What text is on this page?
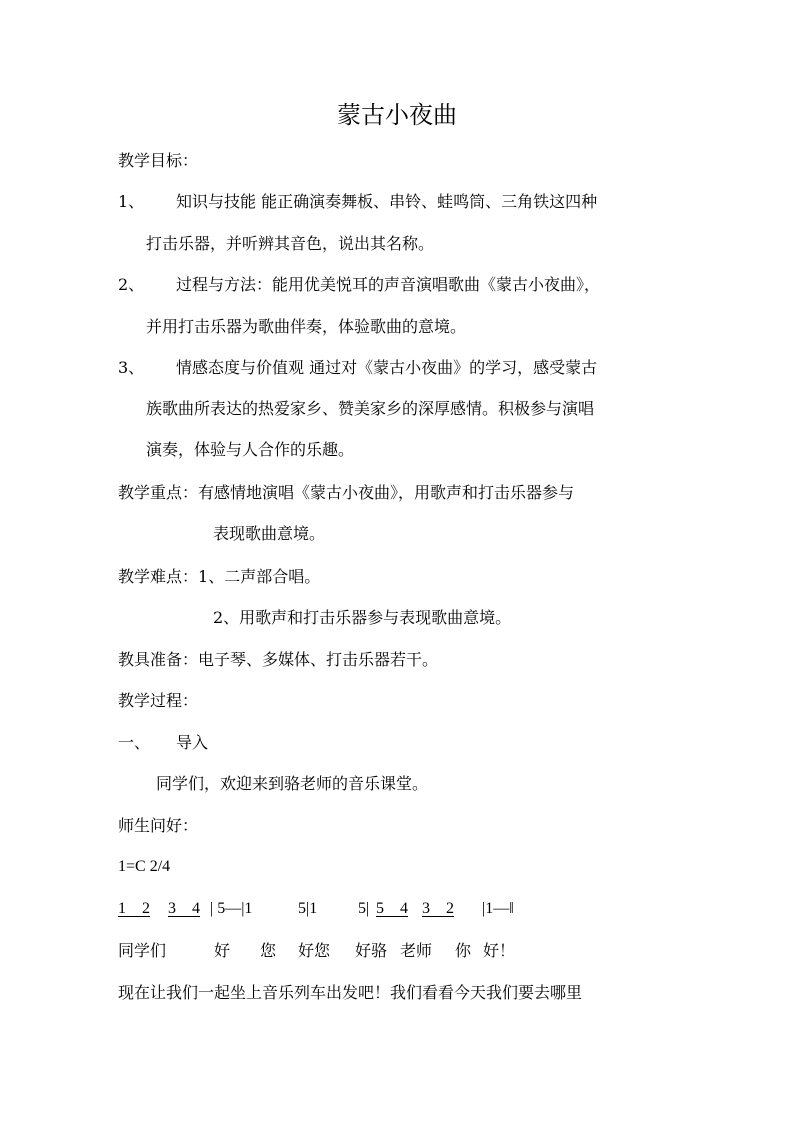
蒙古小夜曲
教学目标：
1、 知识与技能 能正确演奏舞板、串铃、蛙鸣筒、三角铁这四种
打击乐器，并听辨其音色，说出其名称。
2、 过程与方法：能用优美悦耳的声音演唱歌曲《蒙古小夜曲》，
并用打击乐器为歌曲伴奏，体验歌曲的意境。
3、 情感态度与价值观 通过对《蒙古小夜曲》的学习，感受蒙古
族歌曲所表达的热爱家乡、赞美家乡的深厚感情。积极参与演唱
演奏，体验与人合作的乐趣。
教学重点：有感情地演唱《蒙古小夜曲》，用歌声和打击乐器参与
表现歌曲意境。
教学难点：1、二声部合唱。
2、用歌声和打击乐器参与表现歌曲意境。
教具准备：电子琴、多媒体、打击乐器若干。
教学过程：
一、 导入
同学们，欢迎来到骆老师的音乐课堂。
师生问好：
1=C 2/4
1    2 3    4 | 5—|1	5|1	5| 5    4 3    2 |1—‖
同学们	好 您 好您 好骆 老师 你 好！
现在让我们一起坐上音乐列车出发吧！我们看看今天我们要去哪里
